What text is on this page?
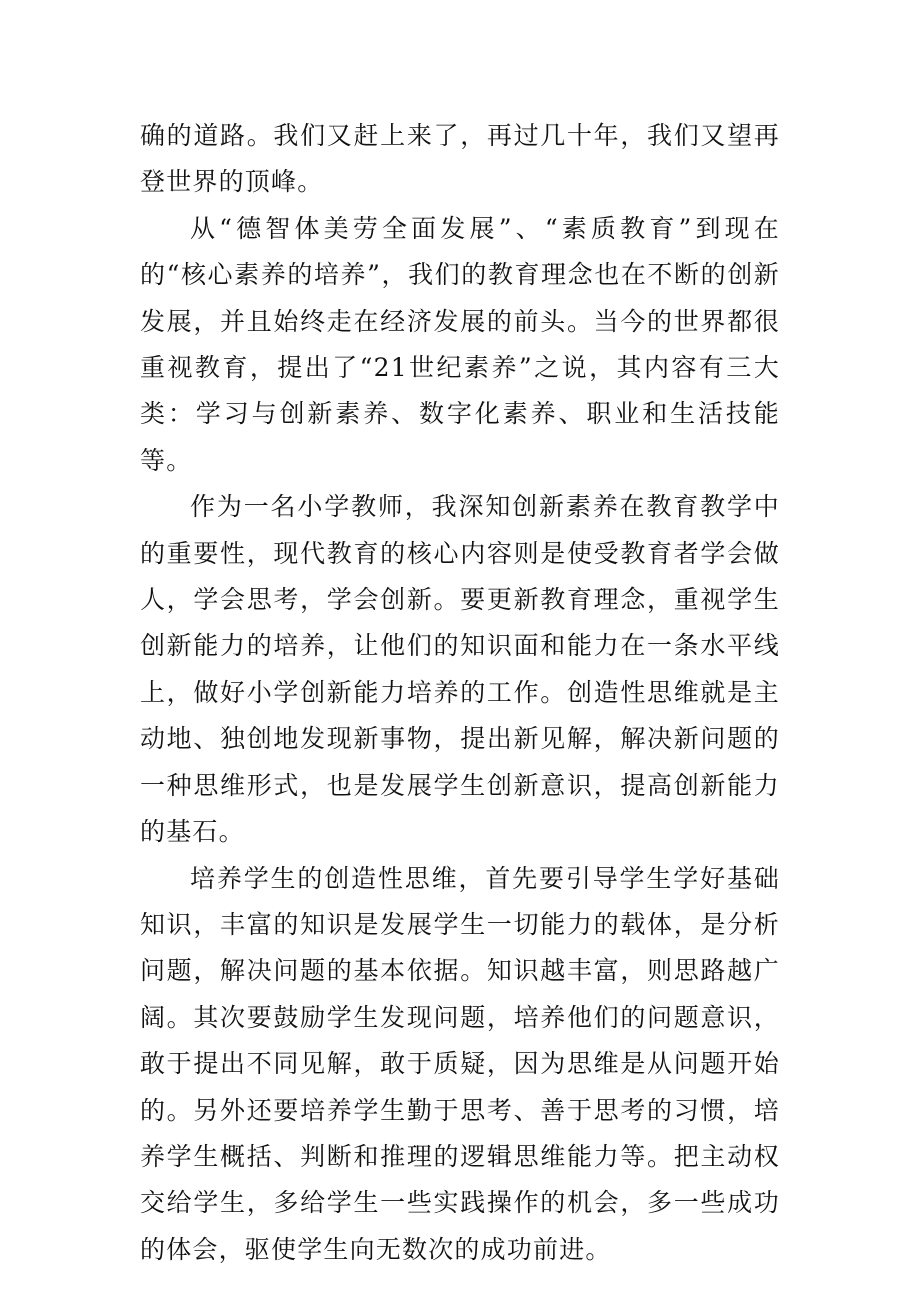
确的道路。我们又赶上来了，再过几十年，我们又望再登世界的顶峰。

从“德智体美劳全面发展”、“素质教育”到现在的“核心素养的培养”，我们的教育理念也在不断的创新发展，并且始终走在经济发展的前头。当今的世界都很重视教育，提出了“21世纪素养”之说，其内容有三大类：学习与创新素养、数字化素养、职业和生活技能等。

作为一名小学教师，我深知创新素养在教育教学中的重要性，现代教育的核心内容则是使受教育者学会做人，学会思考，学会创新。要更新教育理念，重视学生创新能力的培养，让他们的知识面和能力在一条水平线上，做好小学创新能力培养的工作。创造性思维就是主动地、独创地发现新事物，提出新见解，解决新问题的一种思维形式，也是发展学生创新意识，提高创新能力的基石。

培养学生的创造性思维，首先要引导学生学好基础知识，丰富的知识是发展学生一切能力的载体，是分析问题，解决问题的基本依据。知识越丰富，则思路越广阔。其次要鼓励学生发现问题，培养他们的问题意识，敢于提出不同见解，敢于质疑，因为思维是从问题开始的。另外还要培养学生勤于思考、善于思考的习惯，培养学生概括、判断和推理的逻辑思维能力等。把主动权交给学生，多给学生一些实践操作的机会，多一些成功的体会，驱使学生向无数次的成功前进。
